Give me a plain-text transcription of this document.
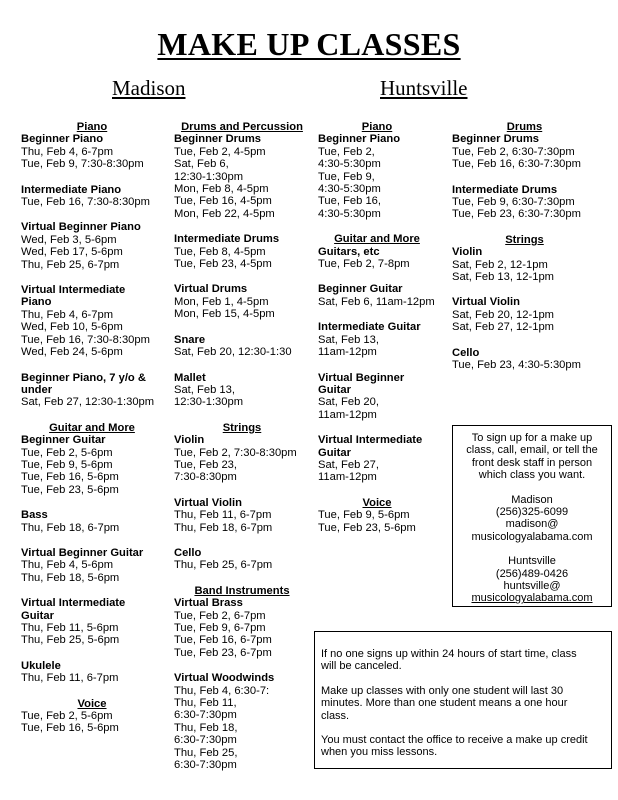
MAKE UP CLASSES
Madison	Huntsville
Piano
Beginner Piano
Thu, Feb 4, 6-7pm
Tue, Feb 9, 7:30-8:30pm
Intermediate Piano
Tue, Feb 16, 7:30-8:30pm
Virtual Beginner Piano
Wed, Feb 3, 5-6pm
Wed, Feb 17, 5-6pm
Thu, Feb 25, 6-7pm
Virtual Intermediate
Piano
Thu, Feb 4, 6-7pm
Wed, Feb 10, 5-6pm
Tue, Feb 16, 7:30-8:30pm
Wed, Feb 24, 5-6pm
Beginner Piano, 7 y/o &
under
Sat, Feb 27, 12:30-1:30pm
Guitar and More
Beginner Guitar
Tue, Feb 2, 5-6pm
Tue, Feb 9, 5-6pm
Tue, Feb 16, 5-6pm
Tue, Feb 23, 5-6pm
Bass
Thu, Feb 18, 6-7pm
Virtual Beginner Guitar
Thu, Feb 4, 5-6pm
Thu, Feb 18, 5-6pm
Virtual Intermediate
Guitar
Thu, Feb 11, 5-6pm
Thu, Feb 25, 5-6pm
Ukulele
Thu, Feb 11, 6-7pm
Voice
Tue, Feb 2, 5-6pm
Tue, Feb 16, 5-6pm
Drums and Percussion
Beginner Drums
Tue, Feb 2, 4-5pm
Sat, Feb 6,
12:30-1:30pm
Mon, Feb 8, 4-5pm
Tue, Feb 16, 4-5pm
Mon, Feb 22, 4-5pm
Intermediate Drums
Tue, Feb 8, 4-5pm
Tue, Feb 23, 4-5pm
Virtual Drums
Mon, Feb 1, 4-5pm
Mon, Feb 15, 4-5pm
Snare
Sat, Feb 20, 12:30-1:30
Mallet
Sat, Feb 13,
12:30-1:30pm
Strings
Violin
Tue, Feb 2, 7:30-8:30pm
Tue, Feb 23,
7:30-8:30pm
Virtual Violin
Thu, Feb 11, 6-7pm
Thu, Feb 18, 6-7pm
Cello
Thu, Feb 25, 6-7pm
Band Instruments
Virtual Brass
Tue, Feb 2, 6-7pm
Tue, Feb 9, 6-7pm
Tue, Feb 16, 6-7pm
Tue, Feb 23, 6-7pm
Virtual Woodwinds
Thu, Feb 4, 6:30-7:
Thu, Feb 11,
6:30-7:30pm
Thu, Feb 18,
6:30-7:30pm
Thu, Feb 25,
6:30-7:30pm
Piano
Beginner Piano
Tue, Feb 2,
4:30-5:30pm
Tue, Feb 9,
4:30-5:30pm
Tue, Feb 16,
4:30-5:30pm
Guitar and More
Guitars, etc
Tue, Feb 2, 7-8pm
Beginner Guitar
Sat, Feb 6, 11am-12pm
Intermediate Guitar
Sat, Feb 13,
11am-12pm
Virtual Beginner
Guitar
Sat, Feb 20,
11am-12pm
Virtual Intermediate
Guitar
Sat, Feb 27,
11am-12pm
Voice
Tue, Feb 9, 5-6pm
Tue, Feb 23, 5-6pm
Drums
Beginner Drums
Tue, Feb 2, 6:30-7:30pm
Tue, Feb 16, 6:30-7:30pm
Intermediate Drums
Tue, Feb 9, 6:30-7:30pm
Tue, Feb 23, 6:30-7:30pm
Strings
Violin
Sat, Feb 2, 12-1pm
Sat, Feb 13, 12-1pm
Virtual Violin
Sat, Feb 20, 12-1pm
Sat, Feb 27, 12-1pm
Cello
Tue, Feb 23, 4:30-5:30pm
To sign up for a make up
class, call, email, or tell the
front desk staff in person
which class you want.
Madison
(256)325-6099
madison@
musicologyalabama.com
Huntsville
(256)489-0426
huntsville@
musicologyalabama.com
If no one signs up within 24 hours of start time, class
will be canceled.
Make up classes with only one student will last 30
minutes. More than one student means a one hour
class.
You must contact the office to receive a make up credit
when you miss lessons.
